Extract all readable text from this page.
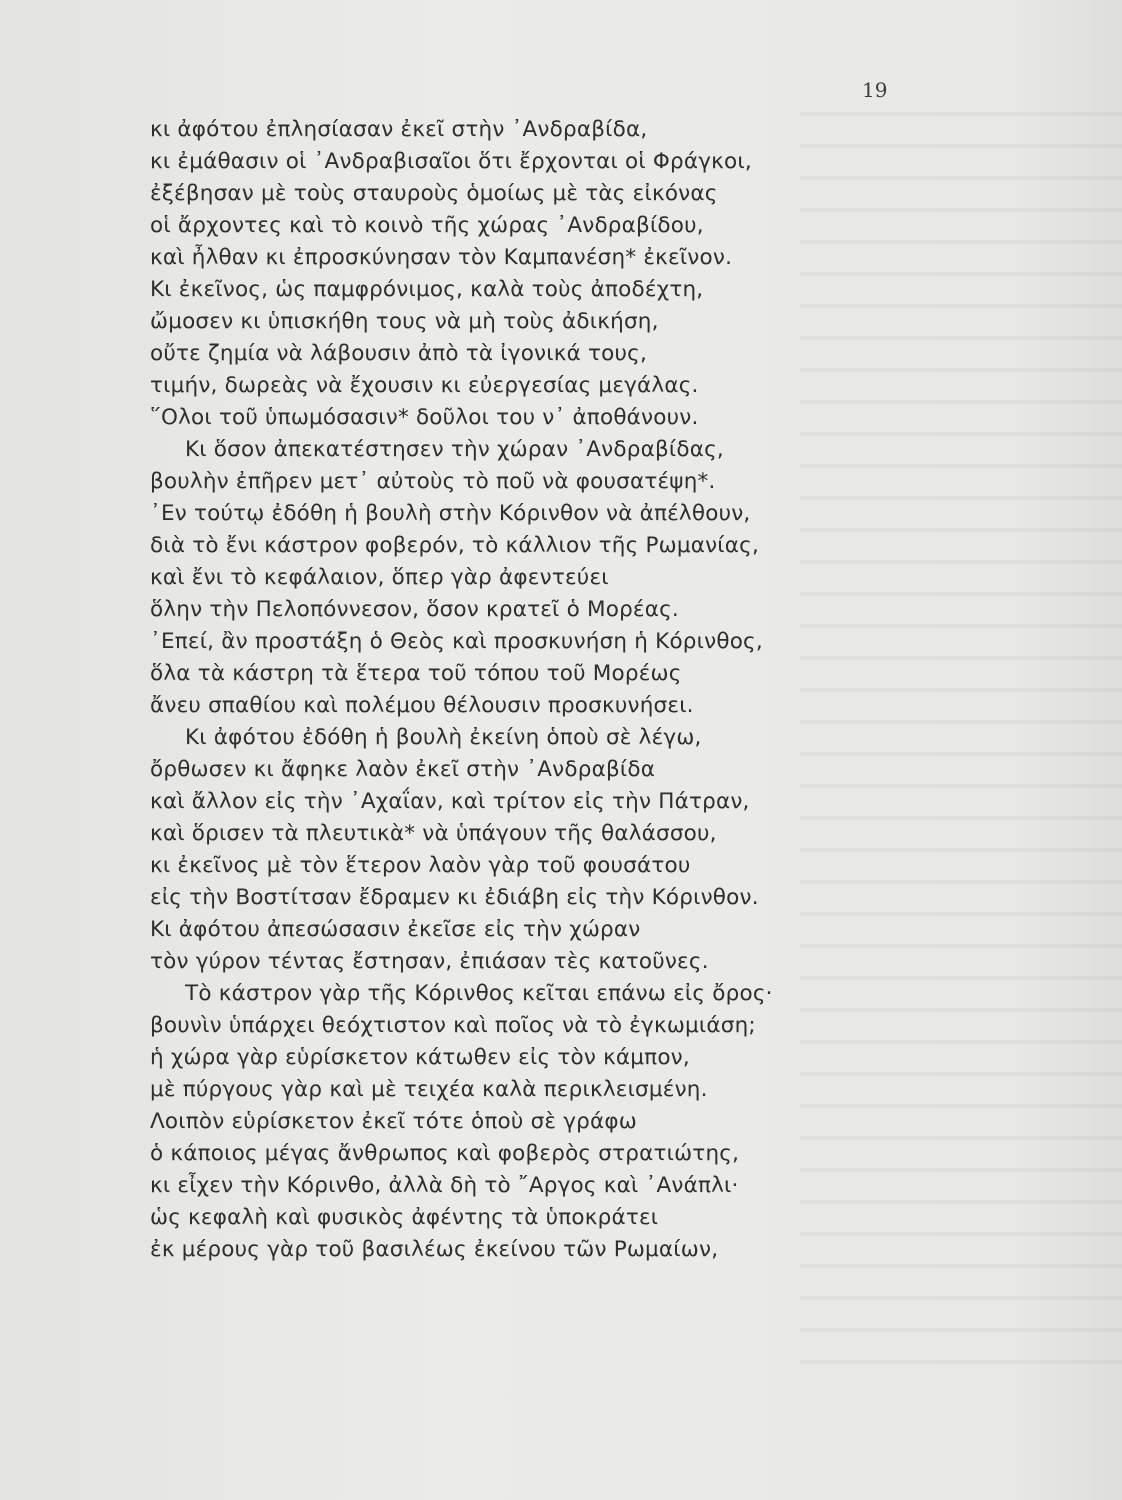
19
κι ἀφότου ἐπλησίασαν ἐκεῖ στὴν ᾿Ανδραβίδα,
κι ἐμάθασιν οἱ ᾿Ανδραβισαῖοι ὅτι ἔρχονται οἱ Φράγκοι,
ἐξέβησαν μὲ τοὺς σταυροὺς ὁμοίως μὲ τὰς εἰκόνας
οἱ ἄρχοντες καὶ τὸ κοινὸ τῆς χώρας ᾿Ανδραβίδου,
καὶ ἦλθαν κι ἐπροσκύνησαν τὸν Καμπανέση* ἐκεῖνον.
Κι ἐκεῖνος, ὡς παμφρόνιμος, καλὰ τοὺς ἀποδέχτη,
ὤμοσεν κι ὑπισκήθη τους νὰ μὴ τοὺς ἀδικήση,
οὔτε ζημία νὰ λάβουσιν ἀπὸ τὰ ἰγονικά τους,
τιμήν, δωρεὰς νὰ ἔχουσιν κι εὐεργεσίας μεγάλας.
῞Ολοι τοῦ ὑπωμόσασιν* δοῦλοι του ν᾿ ἀποθάνουν.
Κι ὅσον ἀπεκατέστησεν τὴν χώραν ᾿Ανδραβίδας,
βουλὴν ἐπῆρεν μετ᾿ αὐτοὺς τὸ ποῦ νὰ φουσατέψη*.
᾿Εν τούτῳ ἐδόθη ἡ βουλὴ στὴν Κόρινθον νὰ ἀπέλθουν,
διὰ τὸ ἔνι κάστρον φοβερόν, τὸ κάλλιον τῆς Ρωμανίας,
καὶ ἔνι τὸ κεφάλαιον, ὅπερ γὰρ ἀφεντεύει
ὅλην τὴν Πελοπόννεσον, ὅσον κρατεῖ ὁ Μορέας.
᾿Επεί, ἂν προστάξη ὁ Θεὸς καὶ προσκυνήση ἡ Κόρινθος,
ὅλα τὰ κάστρη τὰ ἕτερα τοῦ τόπου τοῦ Μορέως
ἄνευ σπαθίου καὶ πολέμου θέλουσιν προσκυνήσει.
Κι ἀφότου ἐδόθη ἡ βουλὴ ἐκείνη ὁποὺ σὲ λέγω,
ὄρθωσεν κι ἄφηκε λαὸν ἐκεῖ στὴν ᾿Ανδραβίδα
καὶ ἄλλον εἰς τὴν ᾿Αχαΐαν, καὶ τρίτον εἰς τὴν Πάτραν,
καὶ ὅρισεν τὰ πλευτικὰ* νὰ ὑπάγουν τῆς θαλάσσου,
κι ἐκεῖνος μὲ τὸν ἕτερον λαὸν γὰρ τοῦ φουσάτου
εἰς τὴν Βοστίτσαν ἔδραμεν κι ἐδιάβη εἰς τὴν Κόρινθον.
Κι ἀφότου ἀπεσώσασιν ἐκεῖσε εἰς τὴν χώραν
τὸν γύρον τέντας ἔστησαν, ἐπιάσαν τὲς κατοῦνες.
Τὸ κάστρον γὰρ τῆς Κόρινθος κεῖται επάνω εἰς ὄρος·
βουνὶν ὑπάρχει θεόχτιστον καὶ ποῖος νὰ τὸ ἐγκωμιάση;
ἡ χώρα γὰρ εὑρίσκετον κάτωθεν εἰς τὸν κάμπον,
μὲ πύργους γὰρ καὶ μὲ τειχέα καλὰ περικλεισμένη.
Λοιπὸν εὑρίσκετον ἐκεῖ τότε ὁποὺ σὲ γράφω
ὁ κάποιος μέγας ἄνθρωπος καὶ φοβερὸς στρατιώτης,
κι εἶχεν τὴν Κόρινθο, ἀλλὰ δὴ τὸ ῎Αργος καὶ ᾿Ανάπλι·
ὡς κεφαλὴ καὶ φυσικὸς ἀφέντης τὰ ὑποκράτει
ἐκ μέρους γὰρ τοῦ βασιλέως ἐκείνου τῶν Ρωμαίων,
